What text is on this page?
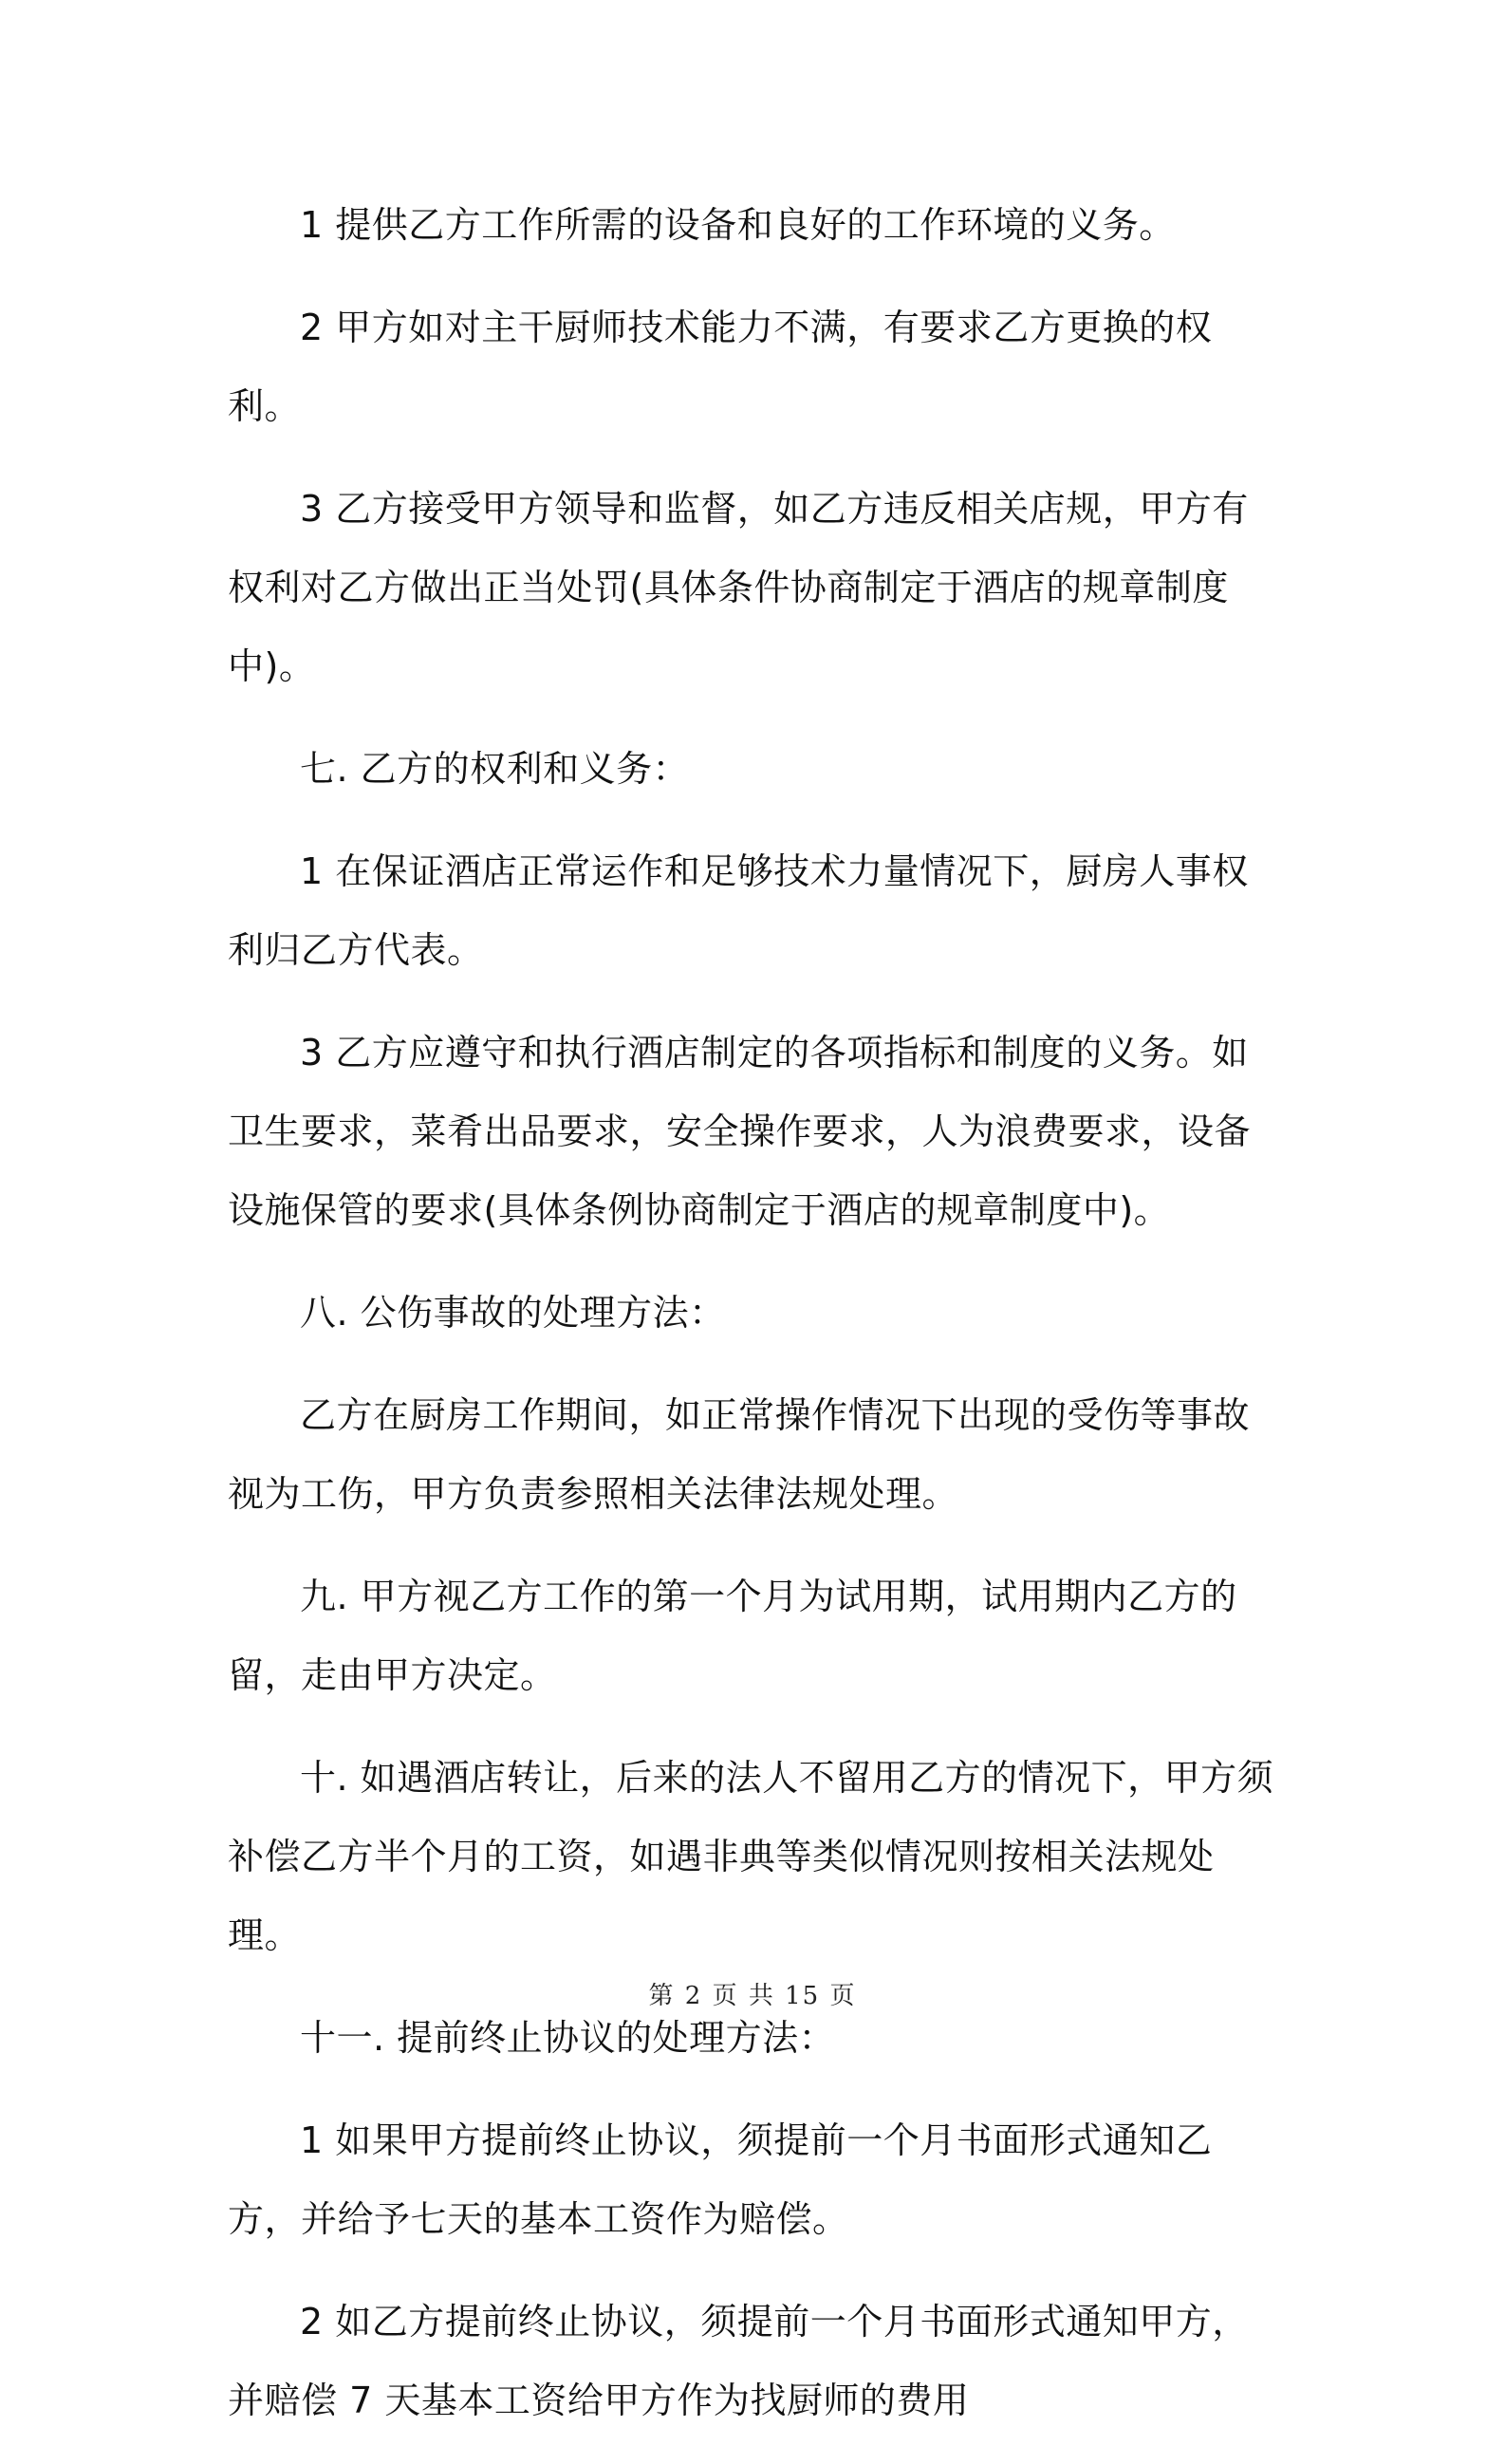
1 提供乙方工作所需的设备和良好的工作环境的义务。

2 甲方如对主干厨师技术能力不满，有要求乙方更换的权利。

3 乙方接受甲方领导和监督，如乙方违反相关店规，甲方有权利对乙方做出正当处罚(具体条件协商制定于酒店的规章制度中)。

七. 乙方的权利和义务：

1 在保证酒店正常运作和足够技术力量情况下，厨房人事权利归乙方代表。

3 乙方应遵守和执行酒店制定的各项指标和制度的义务。如卫生要求，菜肴出品要求，安全操作要求，人为浪费要求，设备设施保管的要求(具体条例协商制定于酒店的规章制度中)。

八. 公伤事故的处理方法：

乙方在厨房工作期间，如正常操作情况下出现的受伤等事故视为工伤，甲方负责参照相关法律法规处理。

九. 甲方视乙方工作的第一个月为试用期，试用期内乙方的留，走由甲方决定。

十. 如遇酒店转让，后来的法人不留用乙方的情况下，甲方须补偿乙方半个月的工资，如遇非典等类似情况则按相关法规处理。

十一. 提前终止协议的处理方法：

1 如果甲方提前终止协议，须提前一个月书面形式通知乙方，并给予七天的基本工资作为赔偿。

2 如乙方提前终止协议，须提前一个月书面形式通知甲方，并赔偿 7 天基本工资给甲方作为找厨师的费用

第 2 页 共 15 页
